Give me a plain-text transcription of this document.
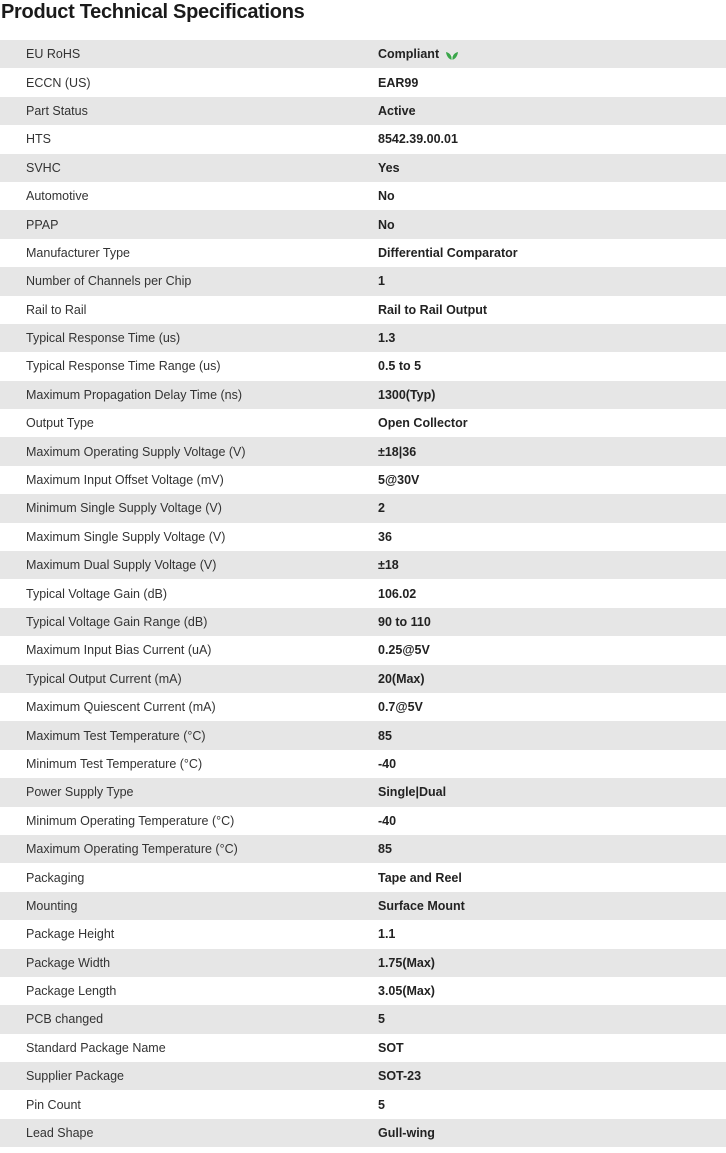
Product Technical Specifications
EU RoHS	Compliant
ECCN (US)	EAR99
Part Status	Active
HTS	8542.39.00.01
SVHC	Yes
Automotive	No
PPAP	No
Manufacturer Type	Differential Comparator
Number of Channels per Chip	1
Rail to Rail	Rail to Rail Output
Typical Response Time (us)	1.3
Typical Response Time Range (us)	0.5 to 5
Maximum Propagation Delay Time (ns)	1300(Typ)
Output Type	Open Collector
Maximum Operating Supply Voltage (V)	±18|36
Maximum Input Offset Voltage (mV)	5@30V
Minimum Single Supply Voltage (V)	2
Maximum Single Supply Voltage (V)	36
Maximum Dual Supply Voltage (V)	±18
Typical Voltage Gain (dB)	106.02
Typical Voltage Gain Range (dB)	90 to 110
Maximum Input Bias Current (uA)	0.25@5V
Typical Output Current (mA)	20(Max)
Maximum Quiescent Current (mA)	0.7@5V
Maximum Test Temperature (°C)	85
Minimum Test Temperature (°C)	-40
Power Supply Type	Single|Dual
Minimum Operating Temperature (°C)	-40
Maximum Operating Temperature (°C)	85
Packaging	Tape and Reel
Mounting	Surface Mount
Package Height	1.1
Package Width	1.75(Max)
Package Length	3.05(Max)
PCB changed	5
Standard Package Name	SOT
Supplier Package	SOT-23
Pin Count	5
Lead Shape	Gull-wing
